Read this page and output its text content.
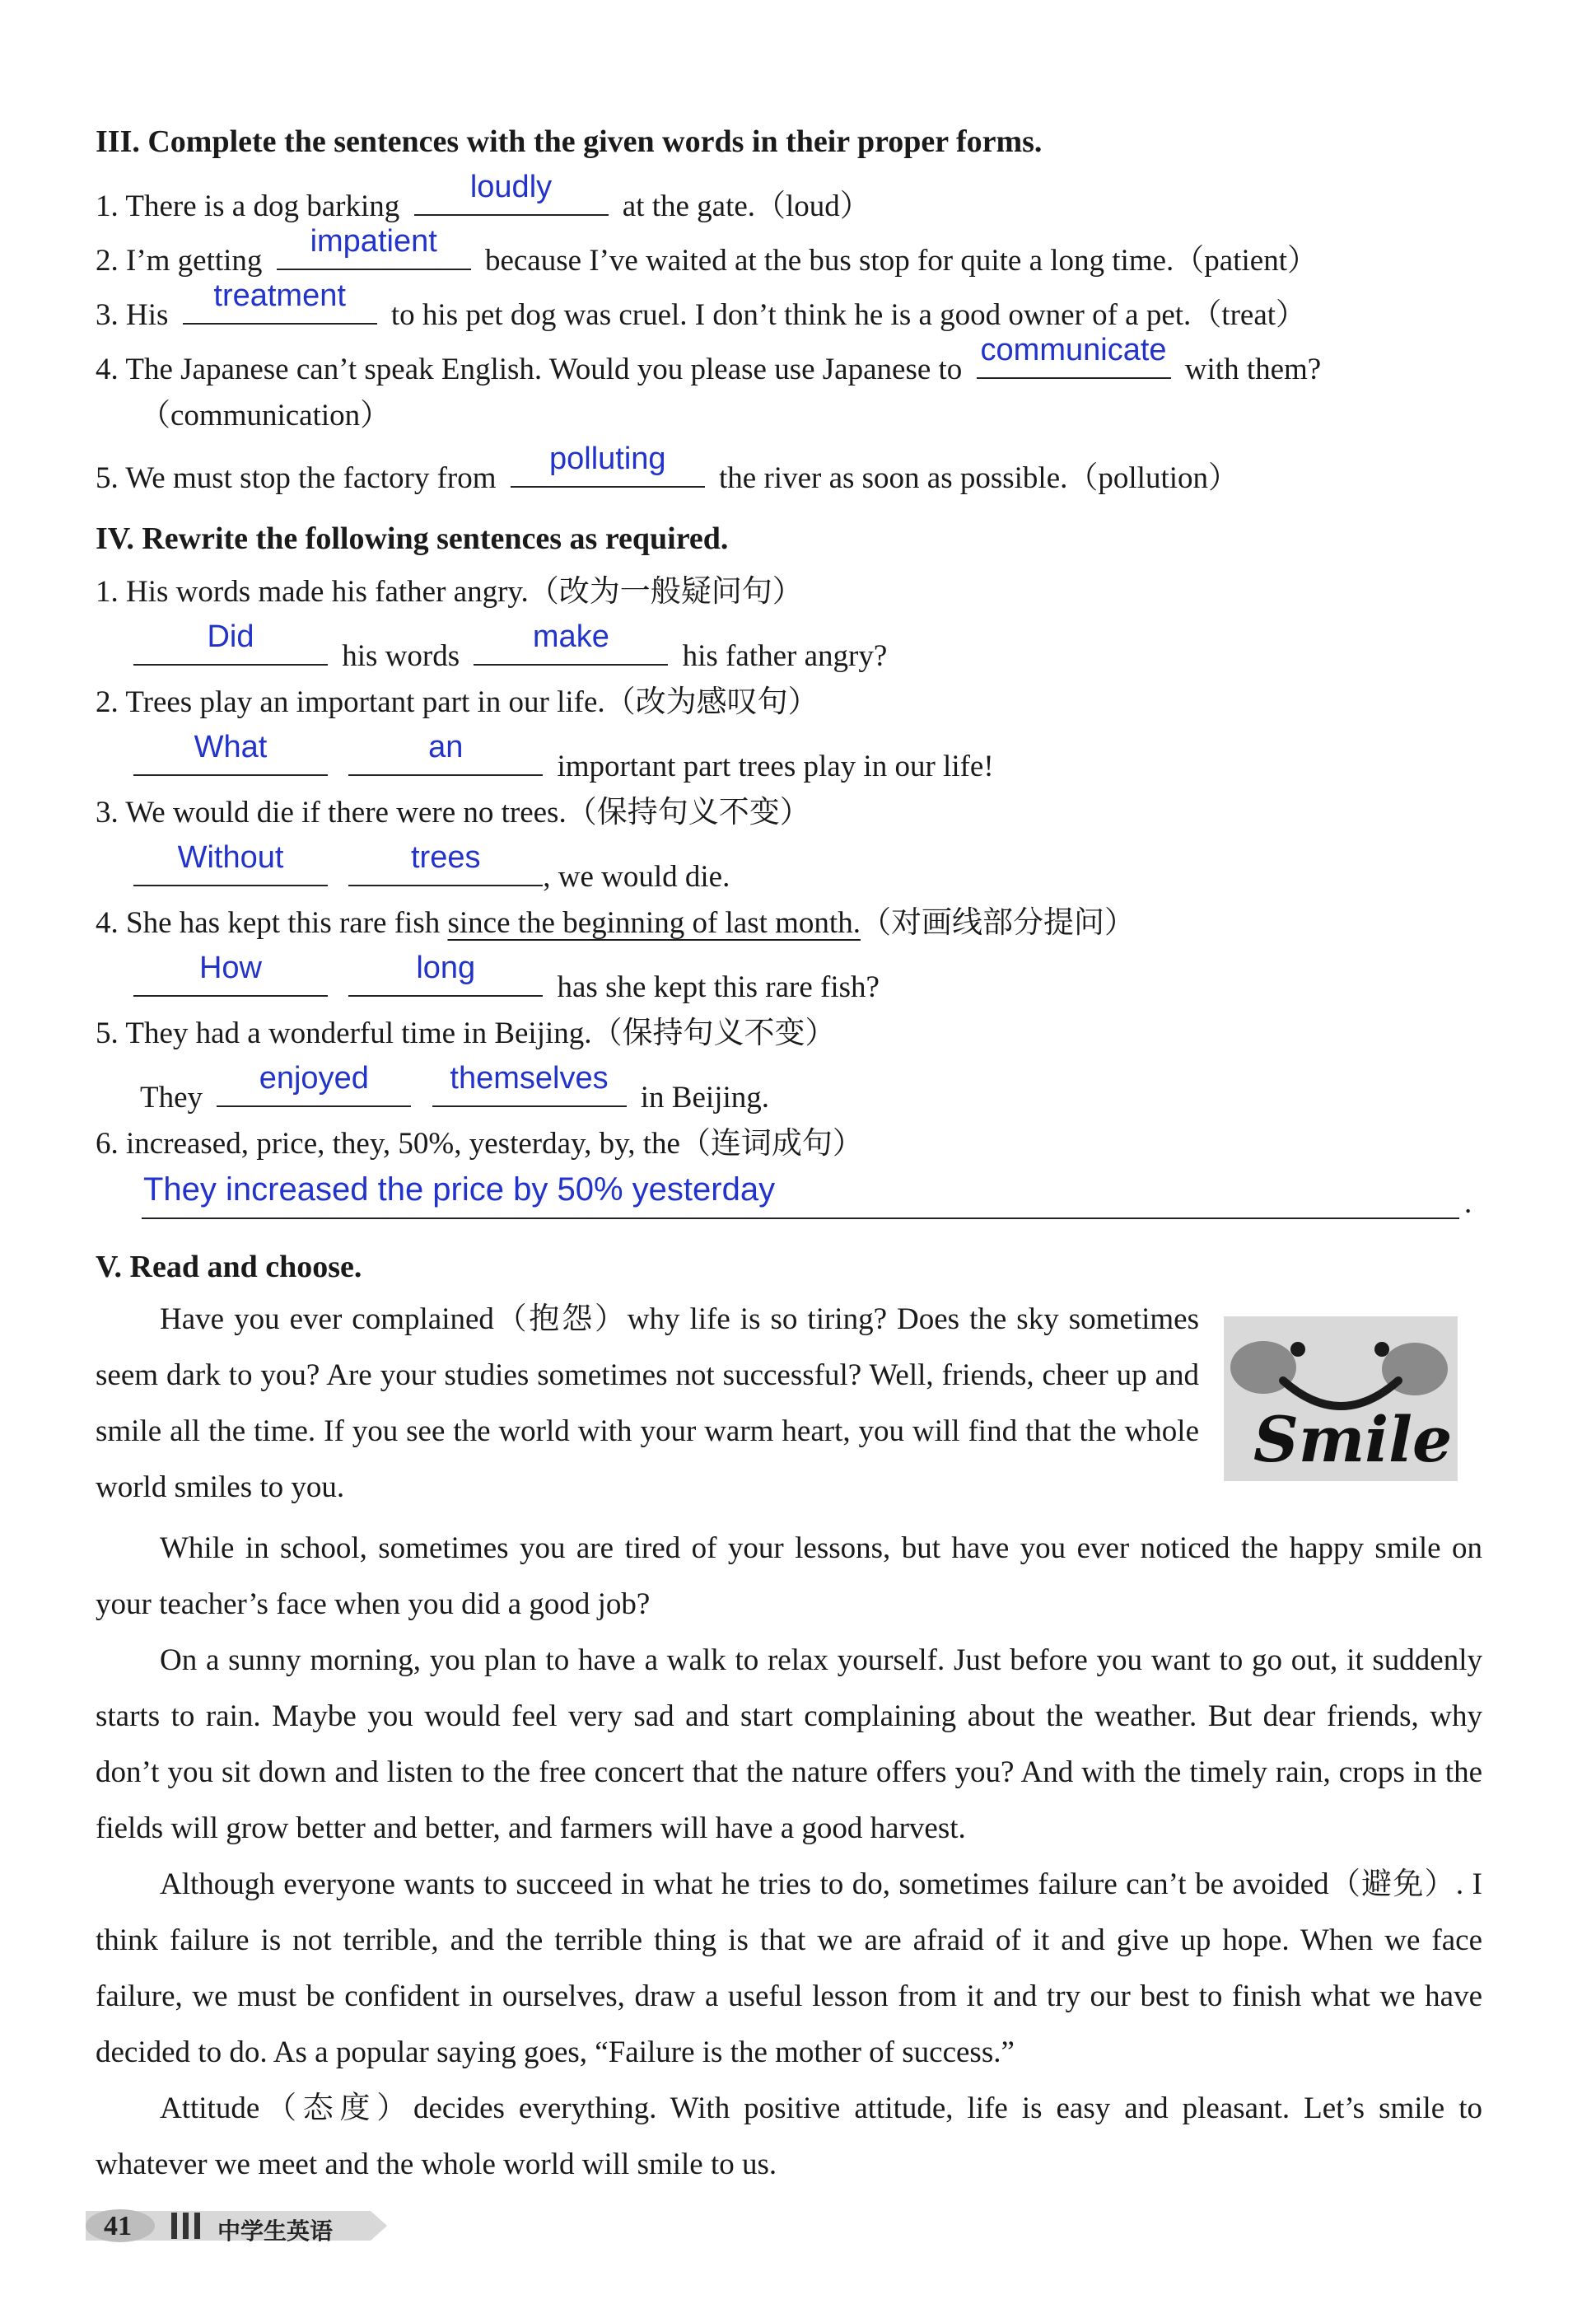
III. Complete the sentences with the given words in their proper forms.
1. There is a dog barking
loudly
at the gate.（loud）
2. I’m getting
impatient
because I’ve waited at the bus stop for quite a long time.（patient）
3. His
treatment
to his pet dog was cruel. I don’t think he is a good owner of a pet.（treat）
4. The Japanese can’t speak English. Would you please use Japanese to
communicate
with them?
（communication）
5. We must stop the factory from
polluting
the river as soon as possible.（pollution）
IV. Rewrite the following sentences as required.
1. His words made his father angry.（改为一般疑问句）
Did
his words
make
his father angry?
2. Trees play an important part in our life.（改为感叹句）
What
	an
important part trees play in our life!
3. We would die if there were no trees.（保持句义不变）
Without
	trees
, we would die.
4. She has kept this rare fish since the beginning of last month.（对画线部分提问）
How
	long
has she kept this rare fish?
5. They had a wonderful time in Beijing.（保持句义不变）
They
enjoyed
	themselves
in Beijing.
6. increased, price, they, 50%, yesterday, by, the（连词成句）
They increased the price by 50% yesterday	.
V. Read and choose.
Have you ever complained（抱怨）why life is so tiring? Does the sky sometimes seem dark to you? Are your studies sometimes not successful? Well, friends, cheer up and smile all the time. If you see the world with your warm heart, you will find that the whole world smiles to you.
Smile
While in school, sometimes you are tired of your lessons, but have you ever noticed the happy smile on your teacher’s face when you did a good job?
On a sunny morning, you plan to have a walk to relax yourself. Just before you want to go out, it suddenly starts to rain. Maybe you would feel very sad and start complaining about the weather. But dear friends, why don’t you sit down and listen to the free concert that the nature offers you? And with the timely rain, crops in the fields will grow better and better, and farmers will have a good harvest.
Although everyone wants to succeed in what he tries to do, sometimes failure can’t be avoided（避免）. I think failure is not terrible, and the terrible thing is that we are afraid of it and give up hope. When we face failure, we must be confident in ourselves, draw a useful lesson from it and try our best to finish what we have decided to do. As a popular saying goes, “Failure is the mother of success.”
Attitude（态度）decides everything. With positive attitude, life is easy and pleasant. Let’s smile to whatever we meet and the whole world will smile to us.
41	中学生英语
